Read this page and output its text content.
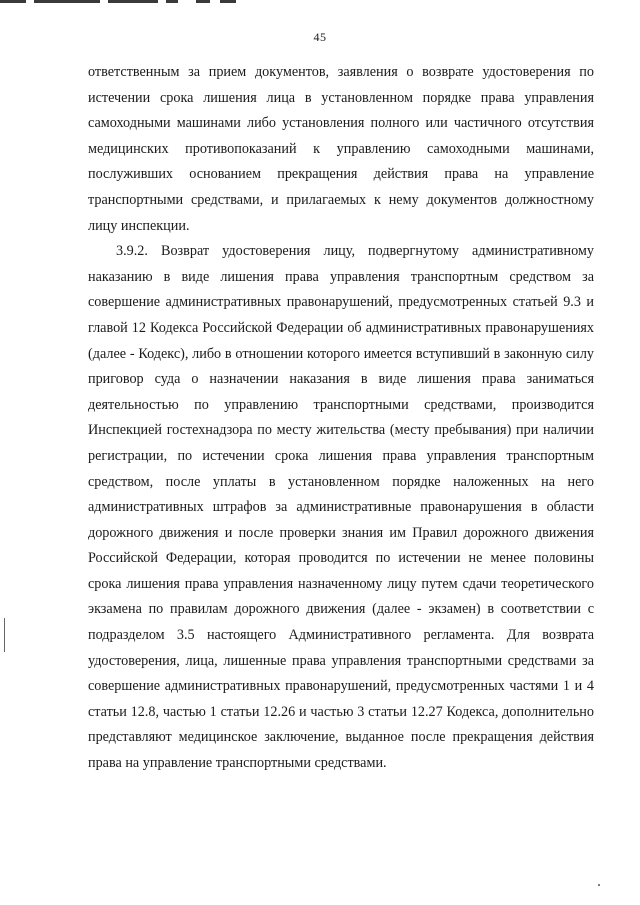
45

ответственным за прием документов, заявления о возврате удостоверения по истечении срока лишения лица в установленном порядке права управления самоходными машинами либо установления полного или частичного отсутствия медицинских противопоказаний к управлению самоходными машинами, послуживших основанием прекращения действия права на управление транспортными средствами, и прилагаемых к нему документов должностному лицу инспекции.

3.9.2. Возврат удостоверения лицу, подвергнутому административному наказанию в виде лишения права управления транспортным средством за совершение административных правонарушений, предусмотренных статьей 9.3 и главой 12 Кодекса Российской Федерации об административных правонарушениях (далее - Кодекс), либо в отношении которого имеется вступивший в законную силу приговор суда о назначении наказания в виде лишения права заниматься деятельностью по управлению транспортными средствами, производится Инспекцией гостехнадзора по месту жительства (месту пребывания) при наличии регистрации, по истечении срока лишения права управления транспортным средством, после уплаты в установленном порядке наложенных на него административных штрафов за административные правонарушения в области дорожного движения и после проверки знания им Правил дорожного движения Российской Федерации, которая проводится по истечении не менее половины срока лишения права управления назначенному лицу путем сдачи теоретического экзамена по правилам дорожного движения (далее - экзамен) в соответствии с подразделом 3.5 настоящего Административного регламента. Для возврата удостоверения, лица, лишенные права управления транспортными средствами за совершение административных правонарушений, предусмотренных частями 1 и 4 статьи 12.8, частью 1 статьи 12.26 и частью 3 статьи 12.27 Кодекса, дополнительно представляют медицинское заключение, выданное после прекращения действия права на управление транспортными средствами.
